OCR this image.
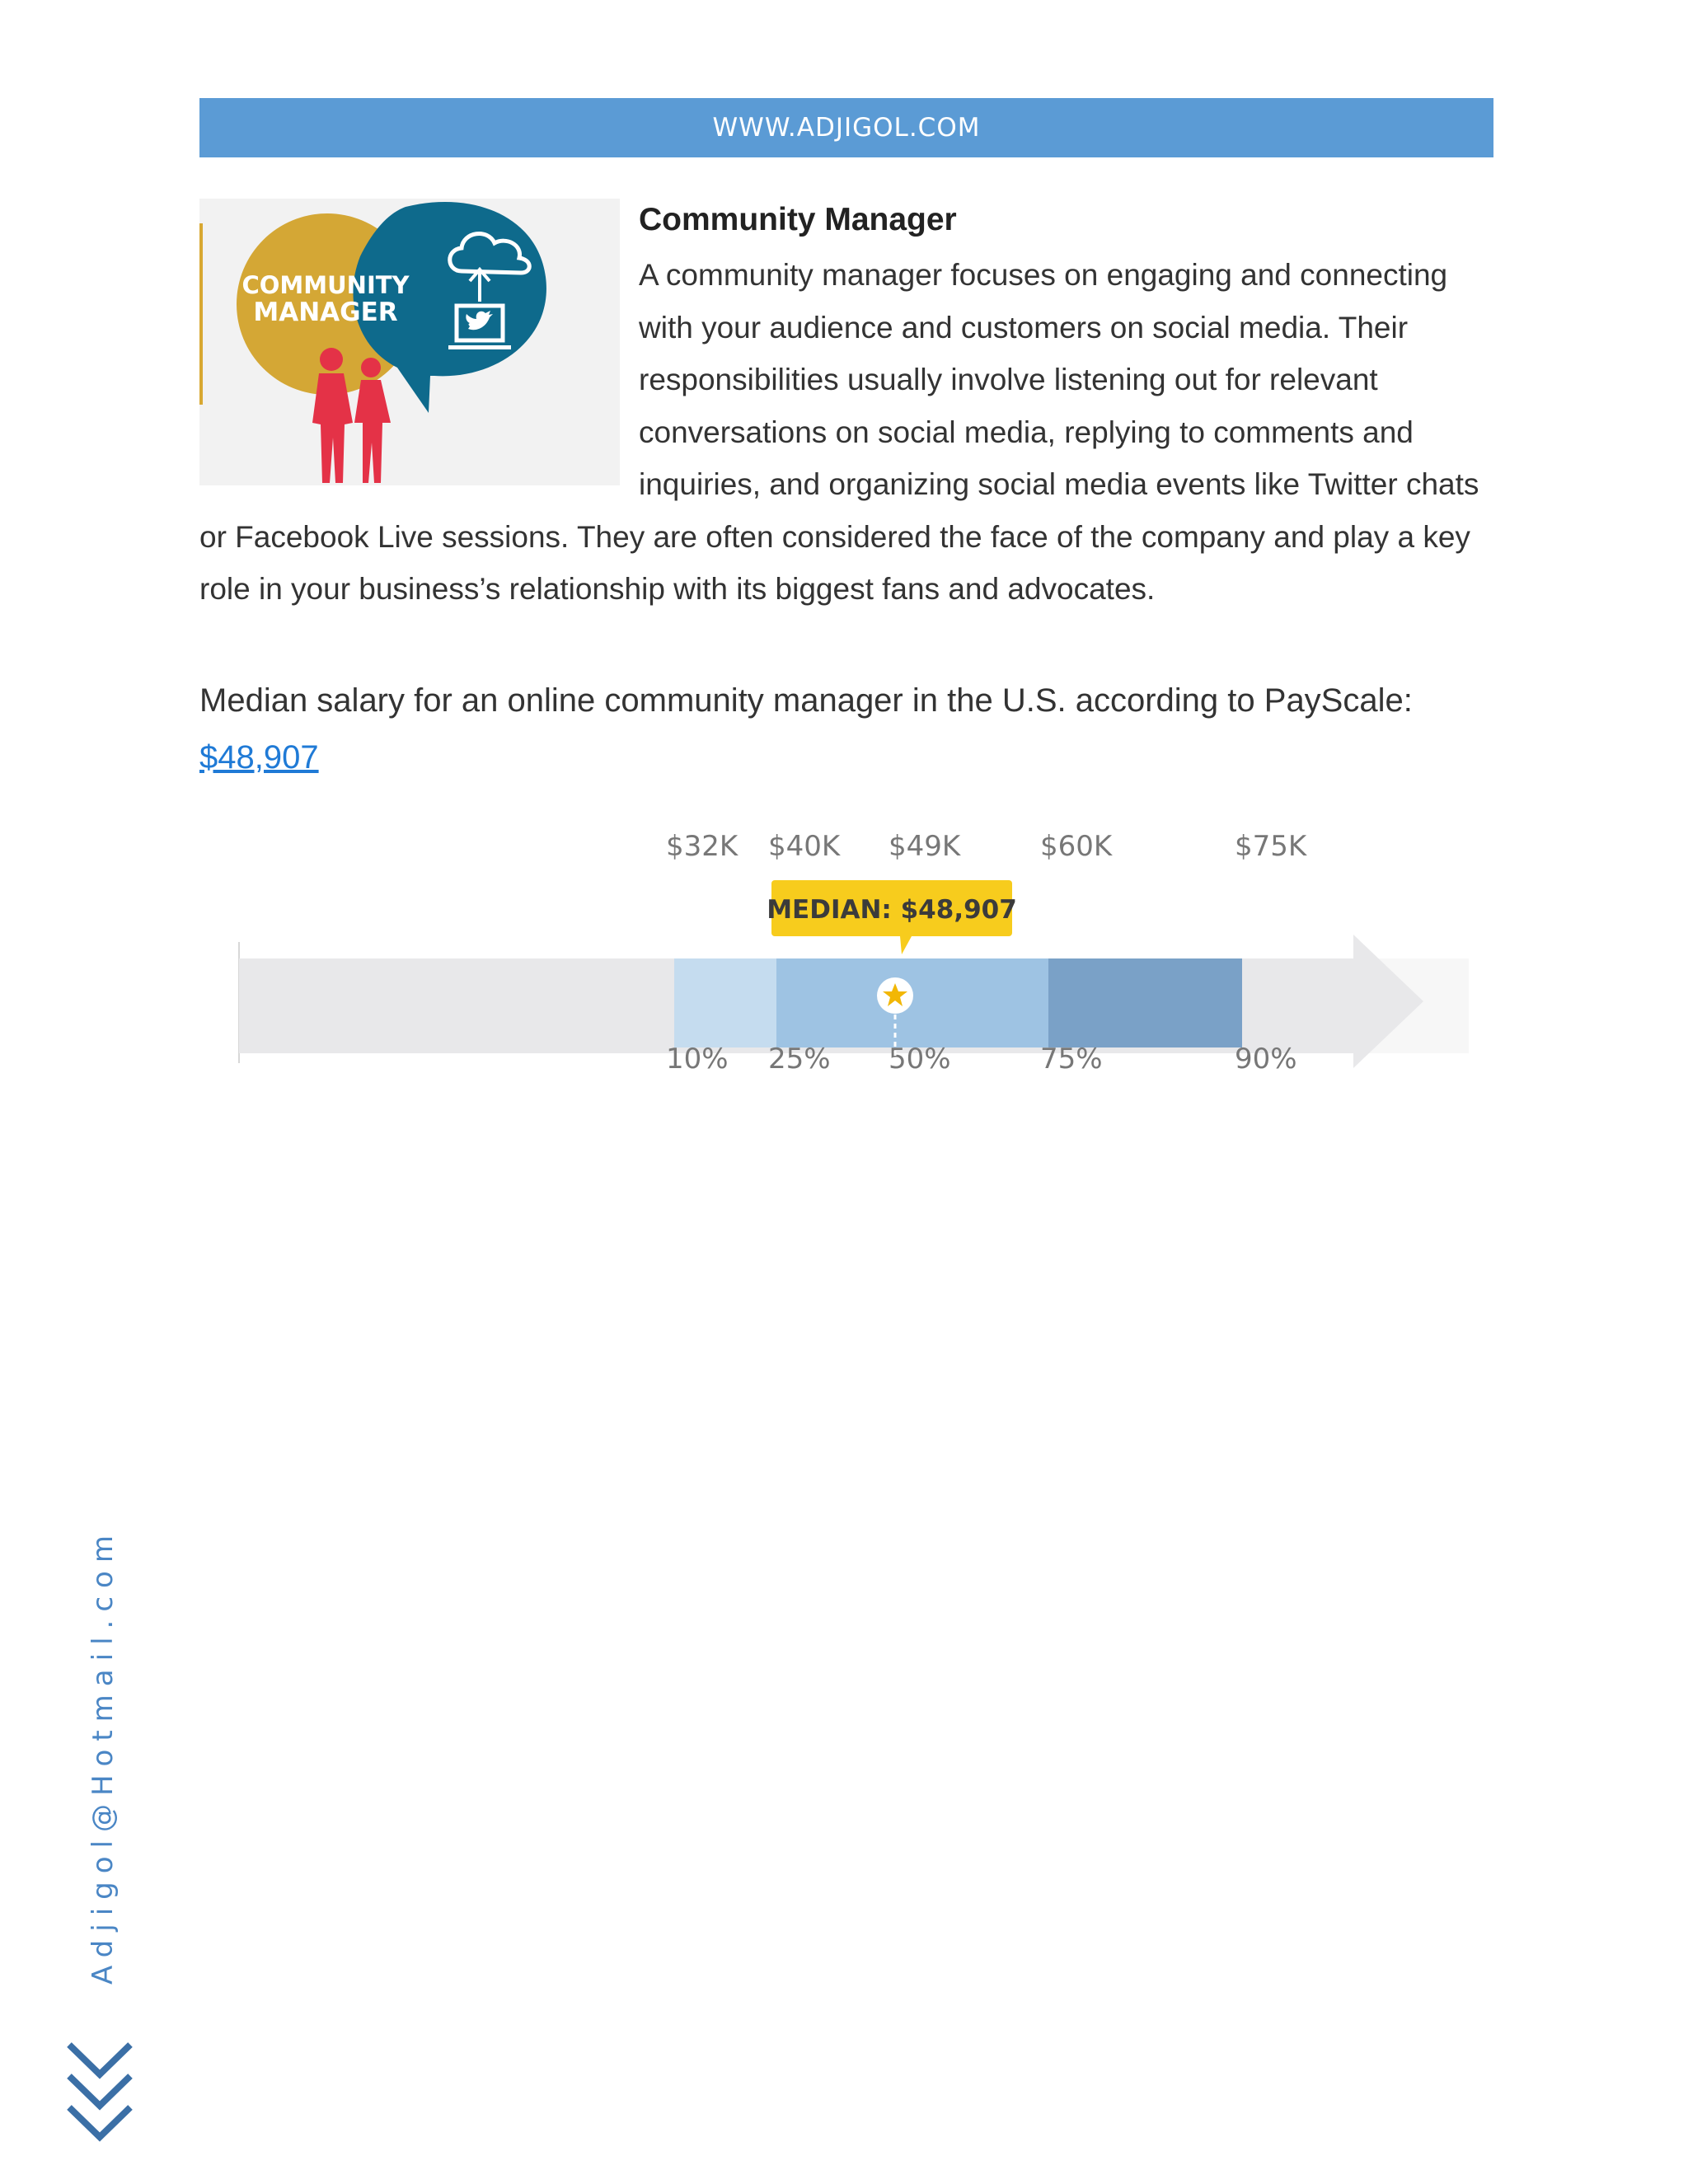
WWW.ADJIGOL.COM
COMMUNITY
MANAGER
Community Manager

A community manager focuses on engaging and connecting with your audience and customers on social media. Their responsibilities usually involve listening out for relevant conversations on social media, replying to comments and inquiries, and organizing social media events like Twitter chats or Facebook Live sessions. They are often considered the face of the company and play a key role in your business’s relationship with its biggest fans and advocates.

Median salary for an online community manager in the U.S. according to PayScale: $48,907
$32K $40K $49K	$60K	$75K
10% 25% 50%	75%	90%
MEDIAN: $48,907
Adjigol@Hotmail.com
